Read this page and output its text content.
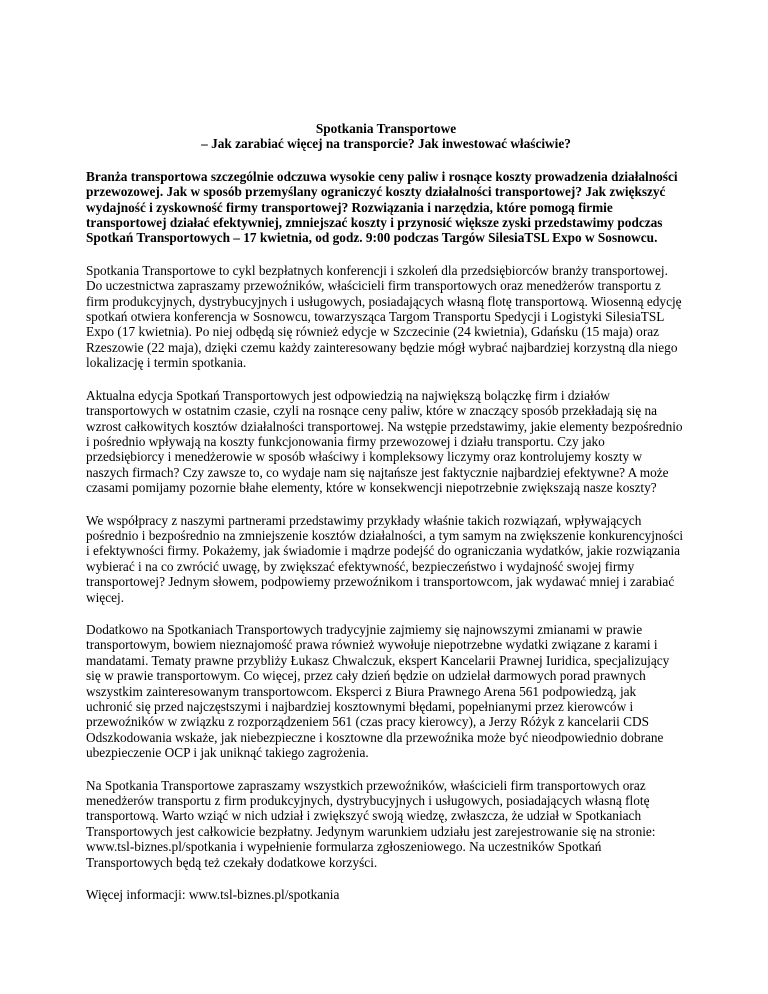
Spotkania Transportowe
– Jak zarabiać więcej na transporcie? Jak inwestować właściwie?

Branża transportowa szczególnie odczuwa wysokie ceny paliw i rosnące koszty prowadzenia działalności przewozowej. Jak w sposób przemyślany ograniczyć koszty działalności transportowej? Jak zwiększyć wydajność i zyskowność firmy transportowej? Rozwiązania i narzędzia, które pomogą firmie transportowej działać efektywniej, zmniejszać koszty i przynosić większe zyski przedstawimy podczas Spotkań Transportowych – 17 kwietnia, od godz. 9:00 podczas Targów SilesiaTSL Expo w Sosnowcu.

Spotkania Transportowe to cykl bezpłatnych konferencji i szkoleń dla przedsiębiorców branży transportowej. Do uczestnictwa zapraszamy przewoźników, właścicieli firm transportowych oraz menedżerów transportu z firm produkcyjnych, dystrybucyjnych i usługowych, posiadających własną flotę transportową. Wiosenną edycję spotkań otwiera konferencja w Sosnowcu, towarzysząca Targom Transportu Spedycji i Logistyki SilesiaTSL Expo (17 kwietnia). Po niej odbędą się również edycje w Szczecinie (24 kwietnia), Gdańsku (15 maja) oraz Rzeszowie (22 maja), dzięki czemu każdy zainteresowany będzie mógł wybrać najbardziej korzystną dla niego lokalizację i termin spotkania.

Aktualna edycja Spotkań Transportowych jest odpowiedzią na największą bolączkę firm i działów transportowych w ostatnim czasie, czyli na rosnące ceny paliw, które w znaczący sposób przekładają się na wzrost całkowitych kosztów działalności transportowej. Na wstępie przedstawimy, jakie elementy bezpośrednio i pośrednio wpływają na koszty funkcjonowania firmy przewozowej i działu transportu. Czy jako przedsiębiorcy i menedżerowie w sposób właściwy i kompleksowy liczymy oraz kontrolujemy koszty w naszych firmach? Czy zawsze to, co wydaje nam się najtańsze jest faktycznie najbardziej efektywne? A może czasami pomijamy pozornie błahe elementy, które w konsekwencji niepotrzebnie zwiększają nasze koszty?

We współpracy z naszymi partnerami przedstawimy przykłady właśnie takich rozwiązań, wpływających pośrednio i bezpośrednio na zmniejszenie kosztów działalności, a tym samym na zwiększenie konkurencyjności i efektywności firmy. Pokażemy, jak świadomie i mądrze podejść do ograniczania wydatków, jakie rozwiązania wybierać i na co zwrócić uwagę, by zwiększać efektywność, bezpieczeństwo i wydajność swojej firmy transportowej? Jednym słowem, podpowiemy przewoźnikom i transportowcom, jak wydawać mniej i zarabiać więcej.

Dodatkowo na Spotkaniach Transportowych tradycyjnie zajmiemy się najnowszymi zmianami w prawie transportowym, bowiem nieznajomość prawa również wywołuje niepotrzebne wydatki związane z karami i mandatami. Tematy prawne przybliży Łukasz Chwalczuk, ekspert Kancelarii Prawnej Iuridica, specjalizujący się w prawie transportowym. Co więcej, przez cały dzień będzie on udzielał darmowych porad prawnych wszystkim zainteresowanym transportowcom. Eksperci z Biura Prawnego Arena 561 podpowiedzą, jak uchronić się przed najczęstszymi i najbardziej kosztownymi błędami, popełnianymi przez kierowców i przewoźników w związku z rozporządzeniem 561 (czas pracy kierowcy), a Jerzy Różyk z kancelarii CDS Odszkodowania wskaże, jak niebezpieczne i kosztowne dla przewoźnika może być nieodpowiednio dobrane ubezpieczenie OCP i jak uniknąć takiego zagrożenia.

Na Spotkania Transportowe zapraszamy wszystkich przewoźników, właścicieli firm transportowych oraz menedżerów transportu z firm produkcyjnych, dystrybucyjnych i usługowych, posiadających własną flotę transportową. Warto wziąć w nich udział i zwiększyć swoją wiedzę, zwłaszcza, że udział w Spotkaniach Transportowych jest całkowicie bezpłatny. Jedynym warunkiem udziału jest zarejestrowanie się na stronie: www.tsl-biznes.pl/spotkania i wypełnienie formularza zgłoszeniowego. Na uczestników Spotkań Transportowych będą też czekały dodatkowe korzyści.

Więcej informacji: www.tsl-biznes.pl/spotkania
